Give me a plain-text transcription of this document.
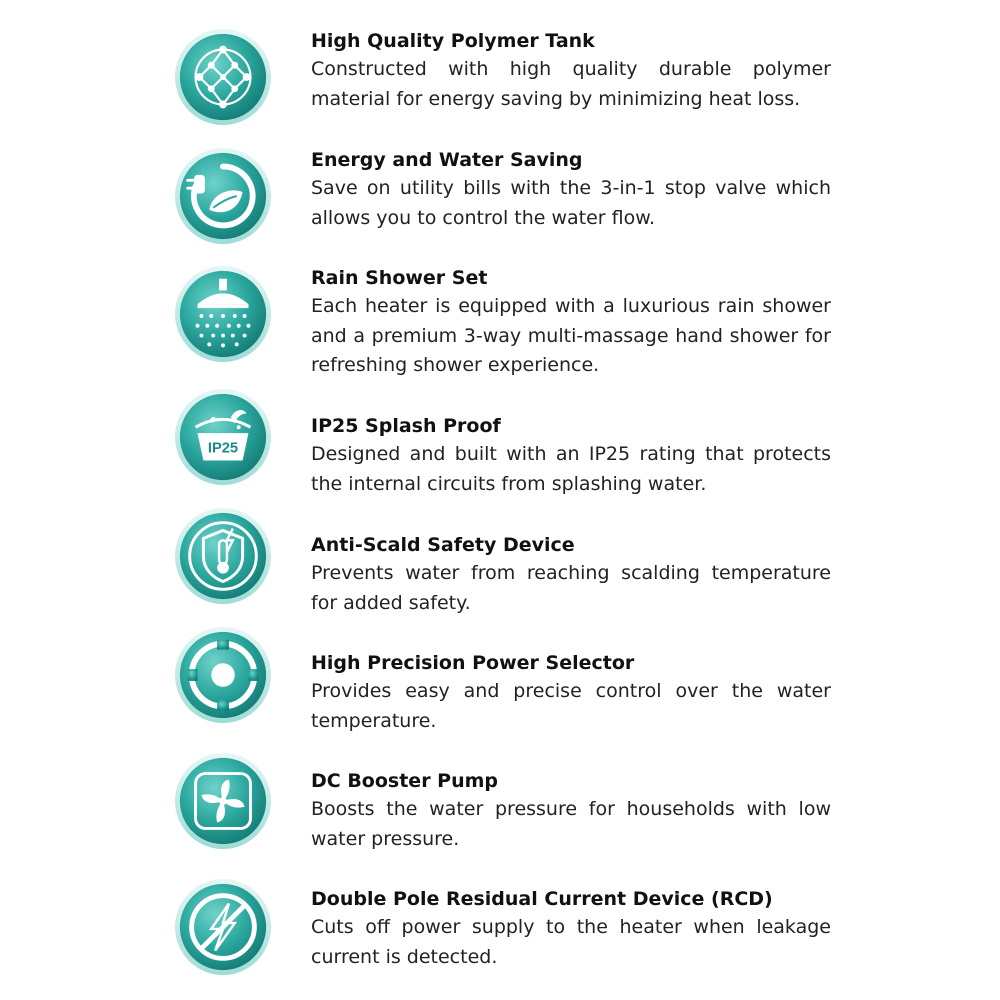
High Quality Polymer Tank

Constructed with high quality durable polymer material for energy saving by minimizing heat loss.

Energy and Water Saving

Save on utility bills with the 3-in-1 stop valve which allows you to control the water flow.

Rain Shower Set

Each heater is equipped with a luxurious rain shower and a premium 3-way multi-massage hand shower for refreshing shower experience.

IP25

IP25 Splash Proof

Designed and built with an IP25 rating that protects the internal circuits from splashing water.

Anti-Scald Safety Device

Prevents water from reaching scalding temperature for added safety.

High Precision Power Selector

Provides easy and precise control over the water temperature.

DC Booster Pump

Boosts the water pressure for households with low water pressure.

Double Pole Residual Current Device (RCD)

Cuts off power supply to the heater when leakage current is detected.
